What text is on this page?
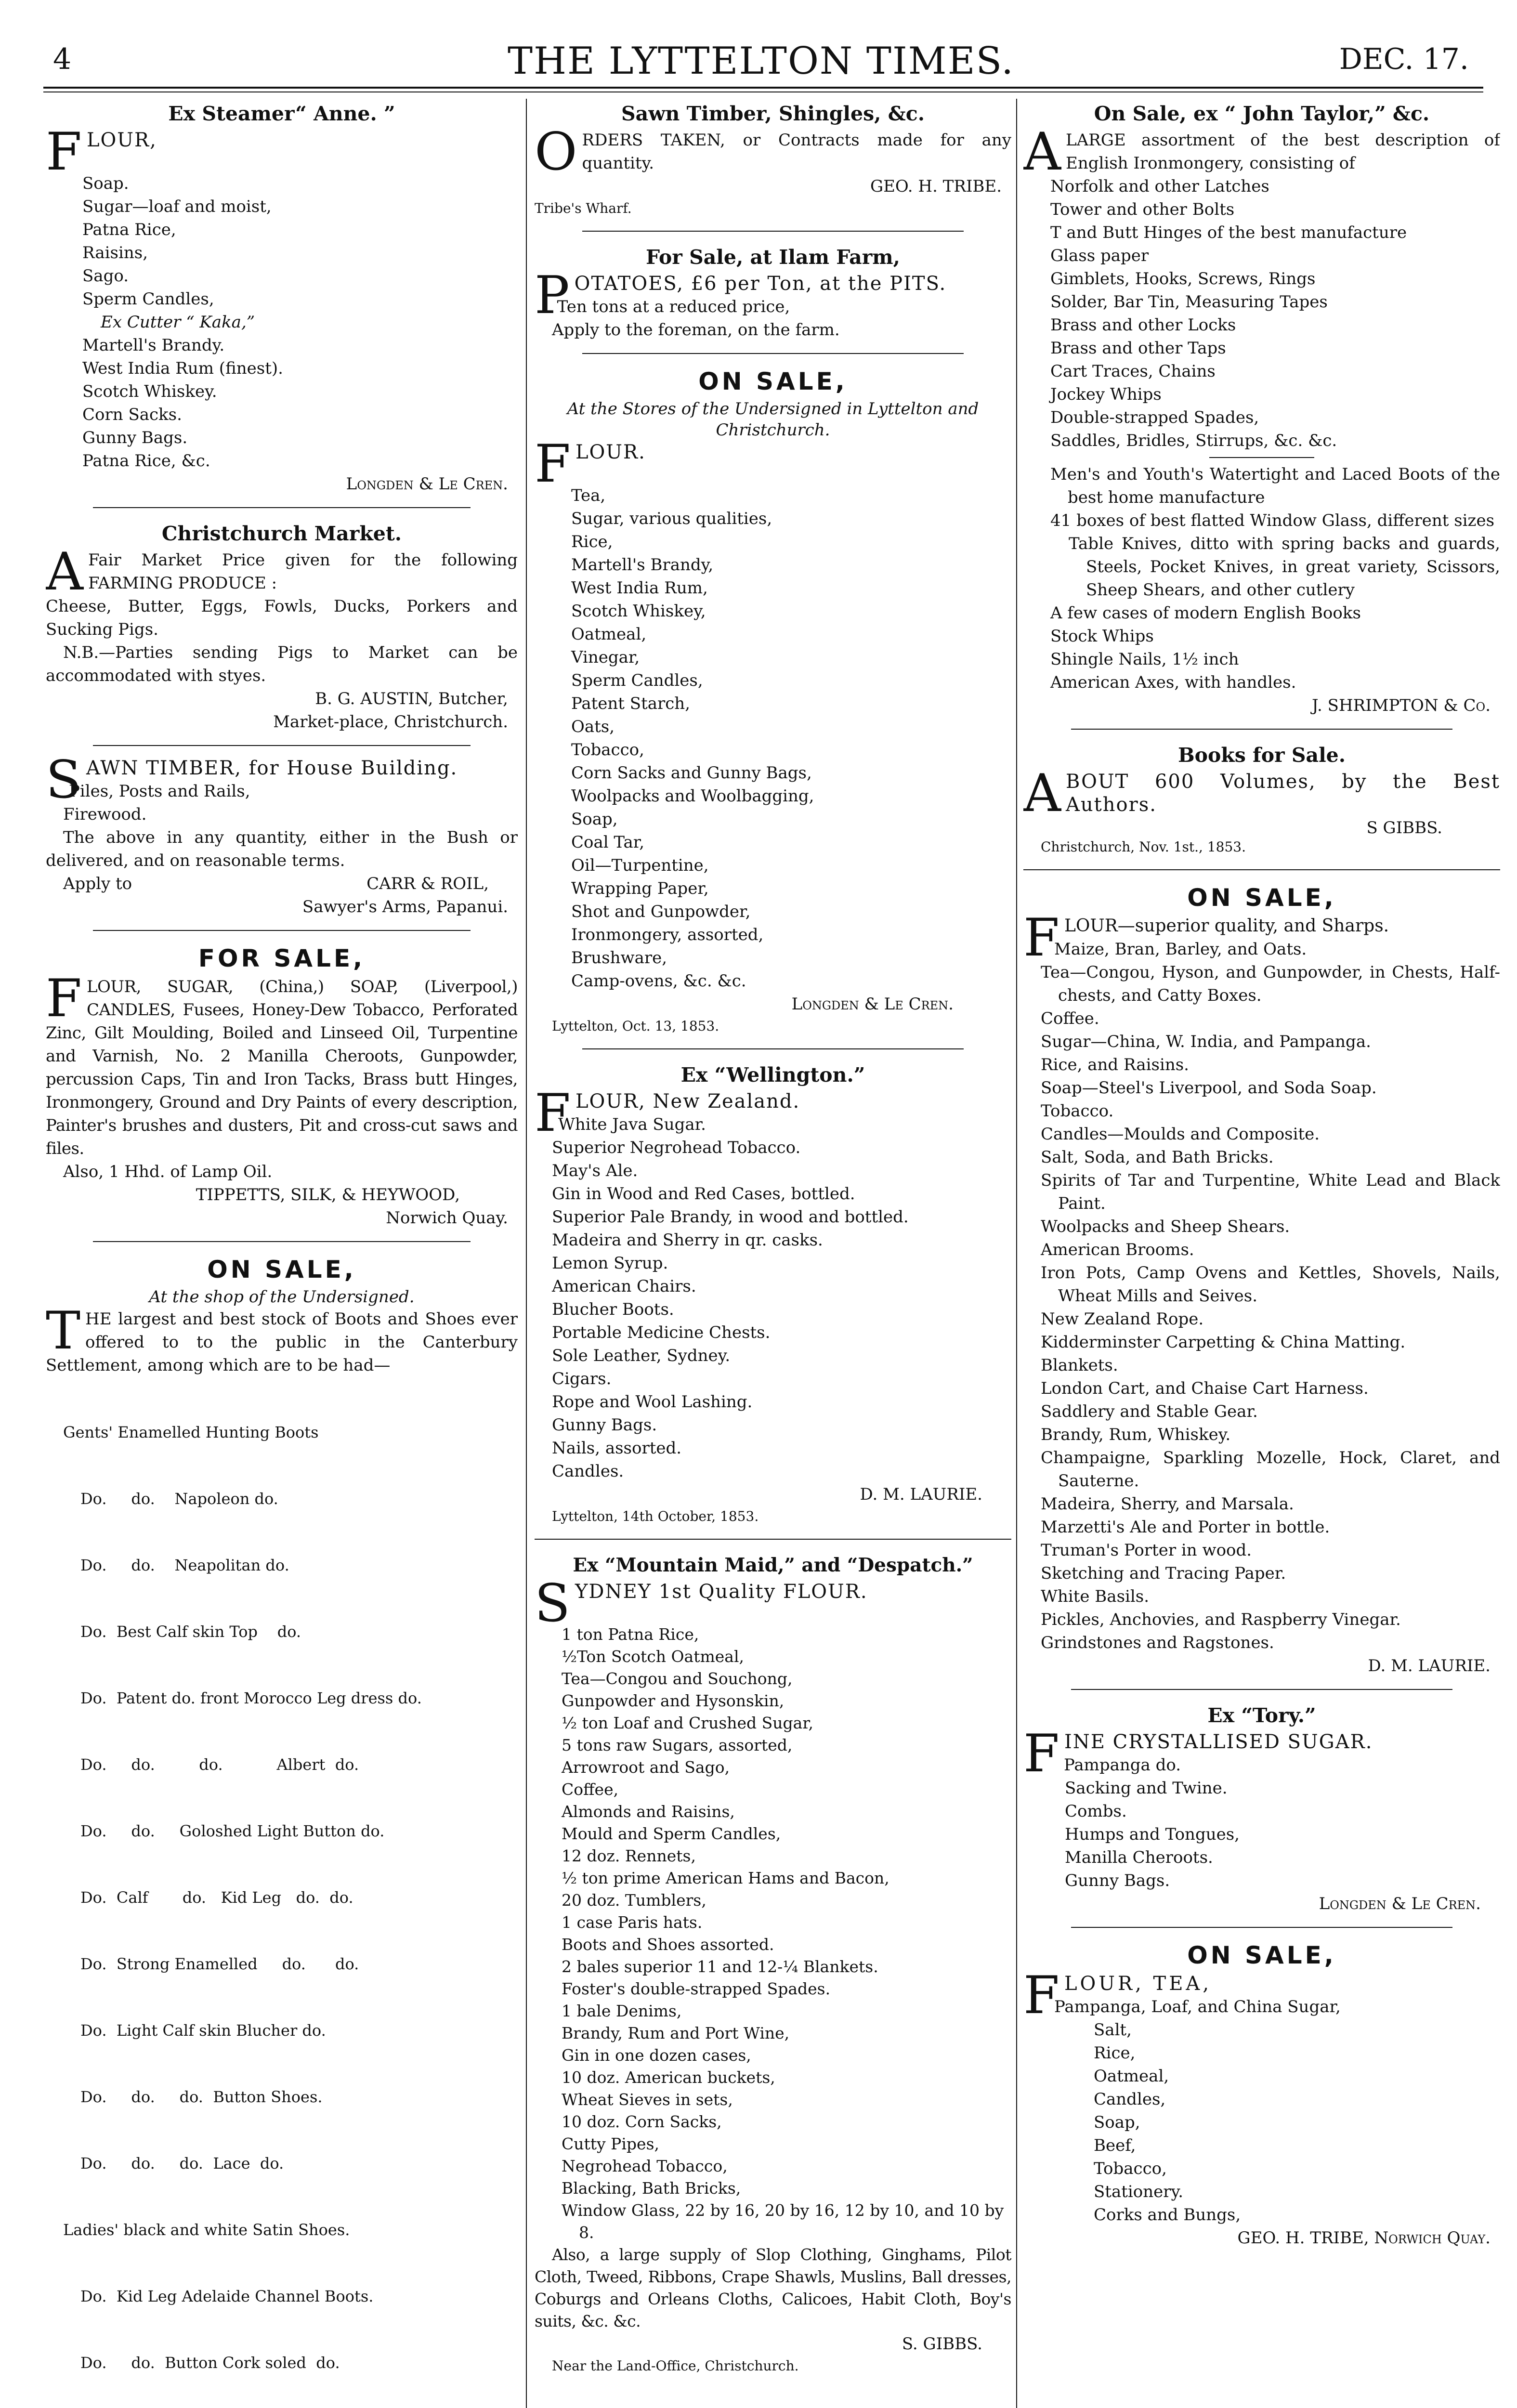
4	THE LYTTELTON TIMES.	DEC. 17.
Ex Steamer“ Anne. ”
F LOUR,
Soap.
Sugar—loaf and moist,
Patna Rice,
Raisins,
Sago.
Sperm Candles,
Ex Cutter “ Kaka,”
Martell's Brandy.
West India Rum (finest).
Scotch Whiskey.
Corn Sacks.
Gunny Bags.
Patna Rice, &c.
Longden & Le Cren.
Christchurch Market.
A Fair Market Price given for the following FARMING PRODUCE :

Cheese, Butter, Eggs, Fowls, Ducks, Porkers and Sucking Pigs.

N.B.—Parties sending Pigs to Market can be accommodated with styes.

B. G. AUSTIN, Butcher,
Market-place, Christchurch.
S AWN TIMBER, for House Building.
Piles, Posts and Rails,
Firewood.

The above in any quantity, either in the Bush or delivered, and on reasonable terms.

Apply to	CARR & ROIL,
Sawyer's Arms, Papanui.
FOR SALE,
F LOUR, SUGAR, (China,) SOAP, (Liverpool,) CANDLES, Fusees, Honey-Dew Tobacco, Perforated Zinc, Gilt Moulding, Boiled and Linseed Oil, Turpentine and Varnish, No. 2 Manilla Cheroots, Gunpowder, percussion Caps, Tin and Iron Tacks, Brass butt Hinges, Ironmongery, Ground and Dry Paints of every description, Painter's brushes and dusters, Pit and cross-cut saws and files.

Also, 1 Hhd. of Lamp Oil.
TIPPETTS, SILK, & HEYWOOD,
Norwich Quay.
ON SALE,
At the shop of the Undersigned.
T HE largest and best stock of Boots and Shoes ever offered to to the public in the Canterbury Settlement, among which are to be had—

Gents' Enamelled Hunting Boots

Do.     do.    Napoleon do.

Do.     do.    Neapolitan do.

Do.  Best Calf skin Top    do.

Do.  Patent do. front Morocco Leg dress do.

Do.     do.         do.           Albert  do.

Do.     do.     Goloshed Light Button do.

Do.  Calf       do.   Kid Leg   do.  do.

Do.  Strong Enamelled     do.      do.

Do.  Light Calf skin Blucher do.

Do.     do.     do.  Button Shoes.

Do.     do.     do.  Lace  do.

Ladies' black and white Satin Shoes.

Do.  Kid Leg Adelaide Channel Boots.

Do.     do.  Button Cork soled  do.

Sawn Timber, Shingles, &c.
O RDERS TAKEN, or Contracts made for any quantity.

GEO. H. TRIBE.
Tribe's Wharf.
For Sale, at Ilam Farm,
P OTATOES, £6 per Ton, at the PITS.
Ten tons at a reduced price,
Apply to the foreman, on the farm.
ON SALE,
At the Stores of the Undersigned in Lyttelton and Christchurch.
F LOUR.
Tea,
Sugar, various qualities,
Rice,
Martell's Brandy,
West India Rum,
Scotch Whiskey,
Oatmeal,
Vinegar,
Sperm Candles,
Patent Starch,
Oats,
Tobacco,
Corn Sacks and Gunny Bags,
Woolpacks and Woolbagging,
Soap,
Coal Tar,
Oil—Turpentine,
Wrapping Paper,
Shot and Gunpowder,
Ironmongery, assorted,
Brushware,
Camp-ovens, &c. &c.
Longden & Le Cren.
Lyttelton, Oct. 13, 1853.
Ex “Wellington.”
F LOUR, New Zealand.
White Java Sugar.
Superior Negrohead Tobacco.
May's Ale.
Gin in Wood and Red Cases, bottled.
Superior Pale Brandy, in wood and bottled.
Madeira and Sherry in qr. casks.
Lemon Syrup.
American Chairs.
Blucher Boots.
Portable Medicine Chests.
Sole Leather, Sydney.
Cigars.
Rope and Wool Lashing.
Gunny Bags.
Nails, assorted.
Candles.
D. M. LAURIE.
Lyttelton, 14th October, 1853.
Ex “Mountain Maid,” and “Despatch.”
S YDNEY 1st Quality FLOUR.
1 ton Patna Rice,
½Ton Scotch Oatmeal,
Tea—Congou and Souchong,
Gunpowder and Hysonskin,
½ ton Loaf and Crushed Sugar,
5 tons raw Sugars, assorted,
Arrowroot and Sago,
Coffee,
Almonds and Raisins,
Mould and Sperm Candles,
12 doz. Rennets,
½ ton prime American Hams and Bacon,
20 doz. Tumblers,
1 case Paris hats.
Boots and Shoes assorted.
2 bales superior 11 and 12-¼ Blankets.
Foster's double-strapped Spades.
1 bale Denims,
Brandy, Rum and Port Wine,
Gin in one dozen cases,
10 doz. American buckets,
Wheat Sieves in sets,
10 doz. Corn Sacks,
Cutty Pipes,
Negrohead Tobacco,
Blacking, Bath Bricks,
Window Glass, 22 by 16, 20 by 16, 12 by 10, and 10 by 8.

Also, a large supply of Slop Clothing, Ginghams, Pilot Cloth, Tweed, Ribbons, Crape Shawls, Muslins, Ball dresses, Coburgs and Orleans Cloths, Calicoes, Habit Cloth, Boy's suits, &c. &c.

S. GIBBS.
Near the Land-Office, Christchurch.
On Sale, ex “ John Taylor,” &c.
A LARGE assortment of the best description of English Ironmongery, consisting of

Norfolk and other Latches
Tower and other Bolts
T and Butt Hinges of the best manufacture
Glass paper
Gimblets, Hooks, Screws, Rings
Solder, Bar Tin, Measuring Tapes
Brass and other Locks
Brass and other Taps
Cart Traces, Chains
Jockey Whips
Double-strapped Spades,
Saddles, Bridles, Stirrups, &c. &c.
Men's and Youth's Watertight and Laced Boots of the best home manufacture
41 boxes of best flatted Window Glass, different sizes
Table Knives, ditto with spring backs and guards, Steels, Pocket Knives, in great variety, Scissors, Sheep Shears, and other cutlery
A few cases of modern English Books
Stock Whips
Shingle Nails, 1½ inch
American Axes, with handles.
J. SHRIMPTON & Co.
Books for Sale.
A BOUT 600 Volumes, by the Best Authors.

S GIBBS.
Christchurch, Nov. 1st., 1853.
ON SALE,
F LOUR—superior quality, and Sharps.
Maize, Bran, Barley, and Oats.
Tea—Congou, Hyson, and Gunpowder, in Chests, Half-chests, and Catty Boxes.
Coffee.
Sugar—China, W. India, and Pampanga.
Rice, and Raisins.
Soap—Steel's Liverpool, and Soda Soap.
Tobacco.
Candles—Moulds and Composite.
Salt, Soda, and Bath Bricks.
Spirits of Tar and Turpentine, White Lead and Black Paint.
Woolpacks and Sheep Shears.
American Brooms.
Iron Pots, Camp Ovens and Kettles, Shovels, Nails, Wheat Mills and Seives.
New Zealand Rope.
Kidderminster Carpetting & China Matting.
Blankets.
London Cart, and Chaise Cart Harness.
Saddlery and Stable Gear.
Brandy, Rum, Whiskey.
Champaigne, Sparkling Mozelle, Hock, Claret, and Sauterne.
Madeira, Sherry, and Marsala.
Marzetti's Ale and Porter in bottle.
Truman's Porter in wood.
Sketching and Tracing Paper.
White Basils.
Pickles, Anchovies, and Raspberry Vinegar.
Grindstones and Ragstones.
D. M. LAURIE.
Ex “Tory.”
F INE CRYSTALLISED SUGAR.
Pampanga do.
Sacking and Twine.
Combs.
Humps and Tongues,
Manilla Cheroots.
Gunny Bags.
Longden & Le Cren.
ON SALE,
F LOUR, TEA,
Pampanga, Loaf, and China Sugar,
Salt,
Rice,
Oatmeal,
Candles,
Soap,
Beef,
Tobacco,
Stationery.
Corks and Bungs,
GEO. H. TRIBE, Norwich Quay.
